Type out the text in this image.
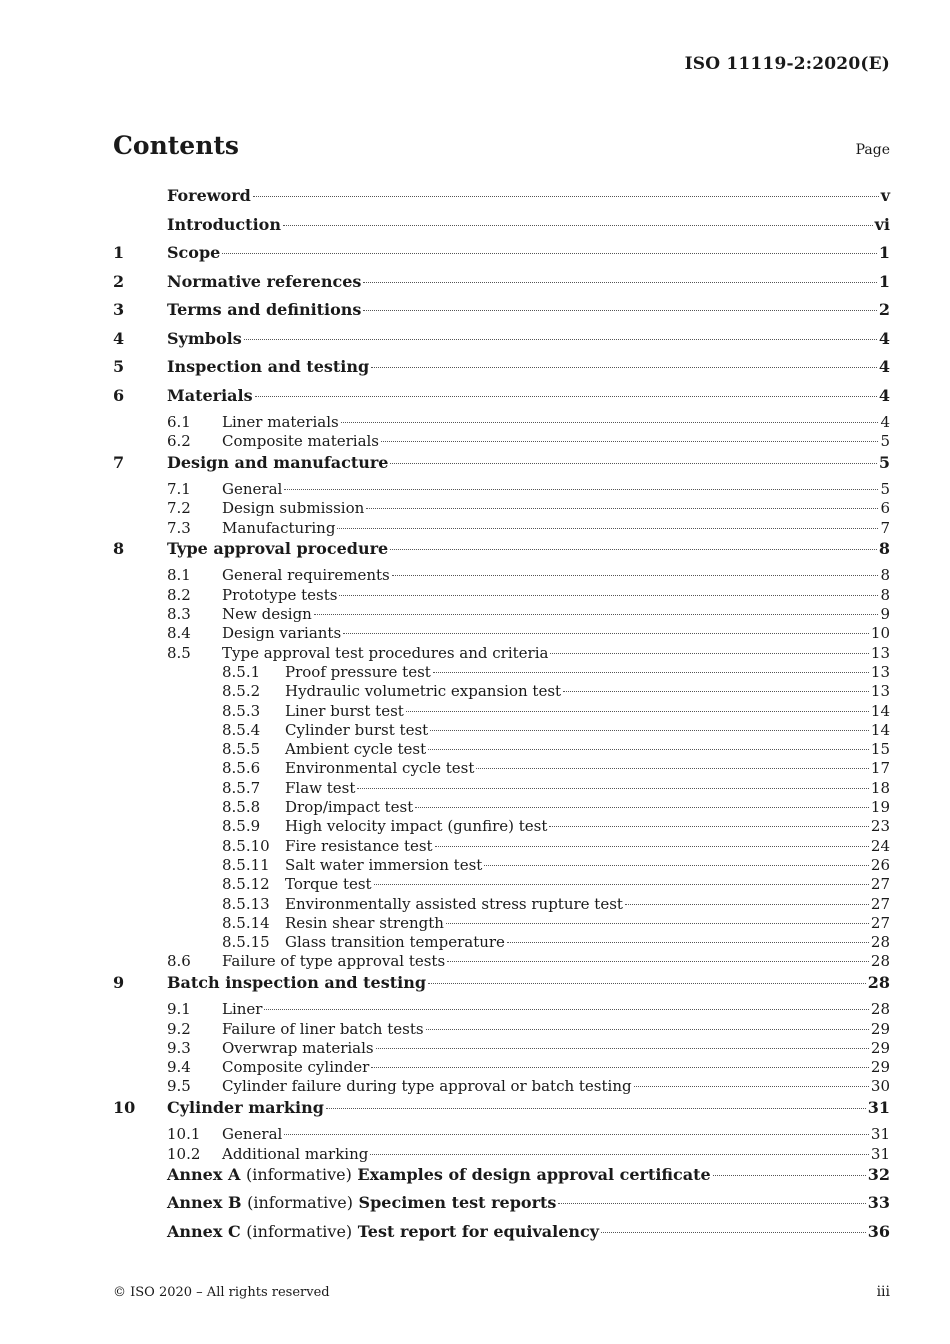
ISO 11119-2:2020(E)
Contents	Page
Foreword	v
Introduction	vi
1	Scope	1
2	Normative references	1
3	Terms and definitions	2
4	Symbols	4
5	Inspection and testing	4
6	Materials	4
6.1	Liner materials	4
6.2	Composite materials	5
7	Design and manufacture	5
7.1	General	5
7.2	Design submission	6
7.3	Manufacturing	7
8	Type approval procedure	8
8.1	General requirements	8
8.2	Prototype tests	8
8.3	New design	9
8.4	Design variants	10
8.5	Type approval test procedures and criteria	13
8.5.1	Proof pressure test	13
8.5.2	Hydraulic volumetric expansion test	13
8.5.3	Liner burst test	14
8.5.4	Cylinder burst test	14
8.5.5	Ambient cycle test	15
8.5.6	Environmental cycle test	17
8.5.7	Flaw test	18
8.5.8	Drop/impact test	19
8.5.9	High velocity impact (gunfire) test	23
8.5.10	Fire resistance test	24
8.5.11	Salt water immersion test	26
8.5.12	Torque test	27
8.5.13	Environmentally assisted stress rupture test	27
8.5.14	Resin shear strength	27
8.5.15	Glass transition temperature	28
8.6	Failure of type approval tests	28
9	Batch inspection and testing	28
9.1	Liner	28
9.2	Failure of liner batch tests	29
9.3	Overwrap materials	29
9.4	Composite cylinder	29
9.5	Cylinder failure during type approval or batch testing	30
10	Cylinder marking	31
10.1	General	31
10.2	Additional marking	31
Annex A (informative) Examples of design approval certificate	32
Annex B (informative) Specimen test reports	33
Annex C (informative) Test report for equivalency	36
© ISO 2020 – All rights reserved	iii
